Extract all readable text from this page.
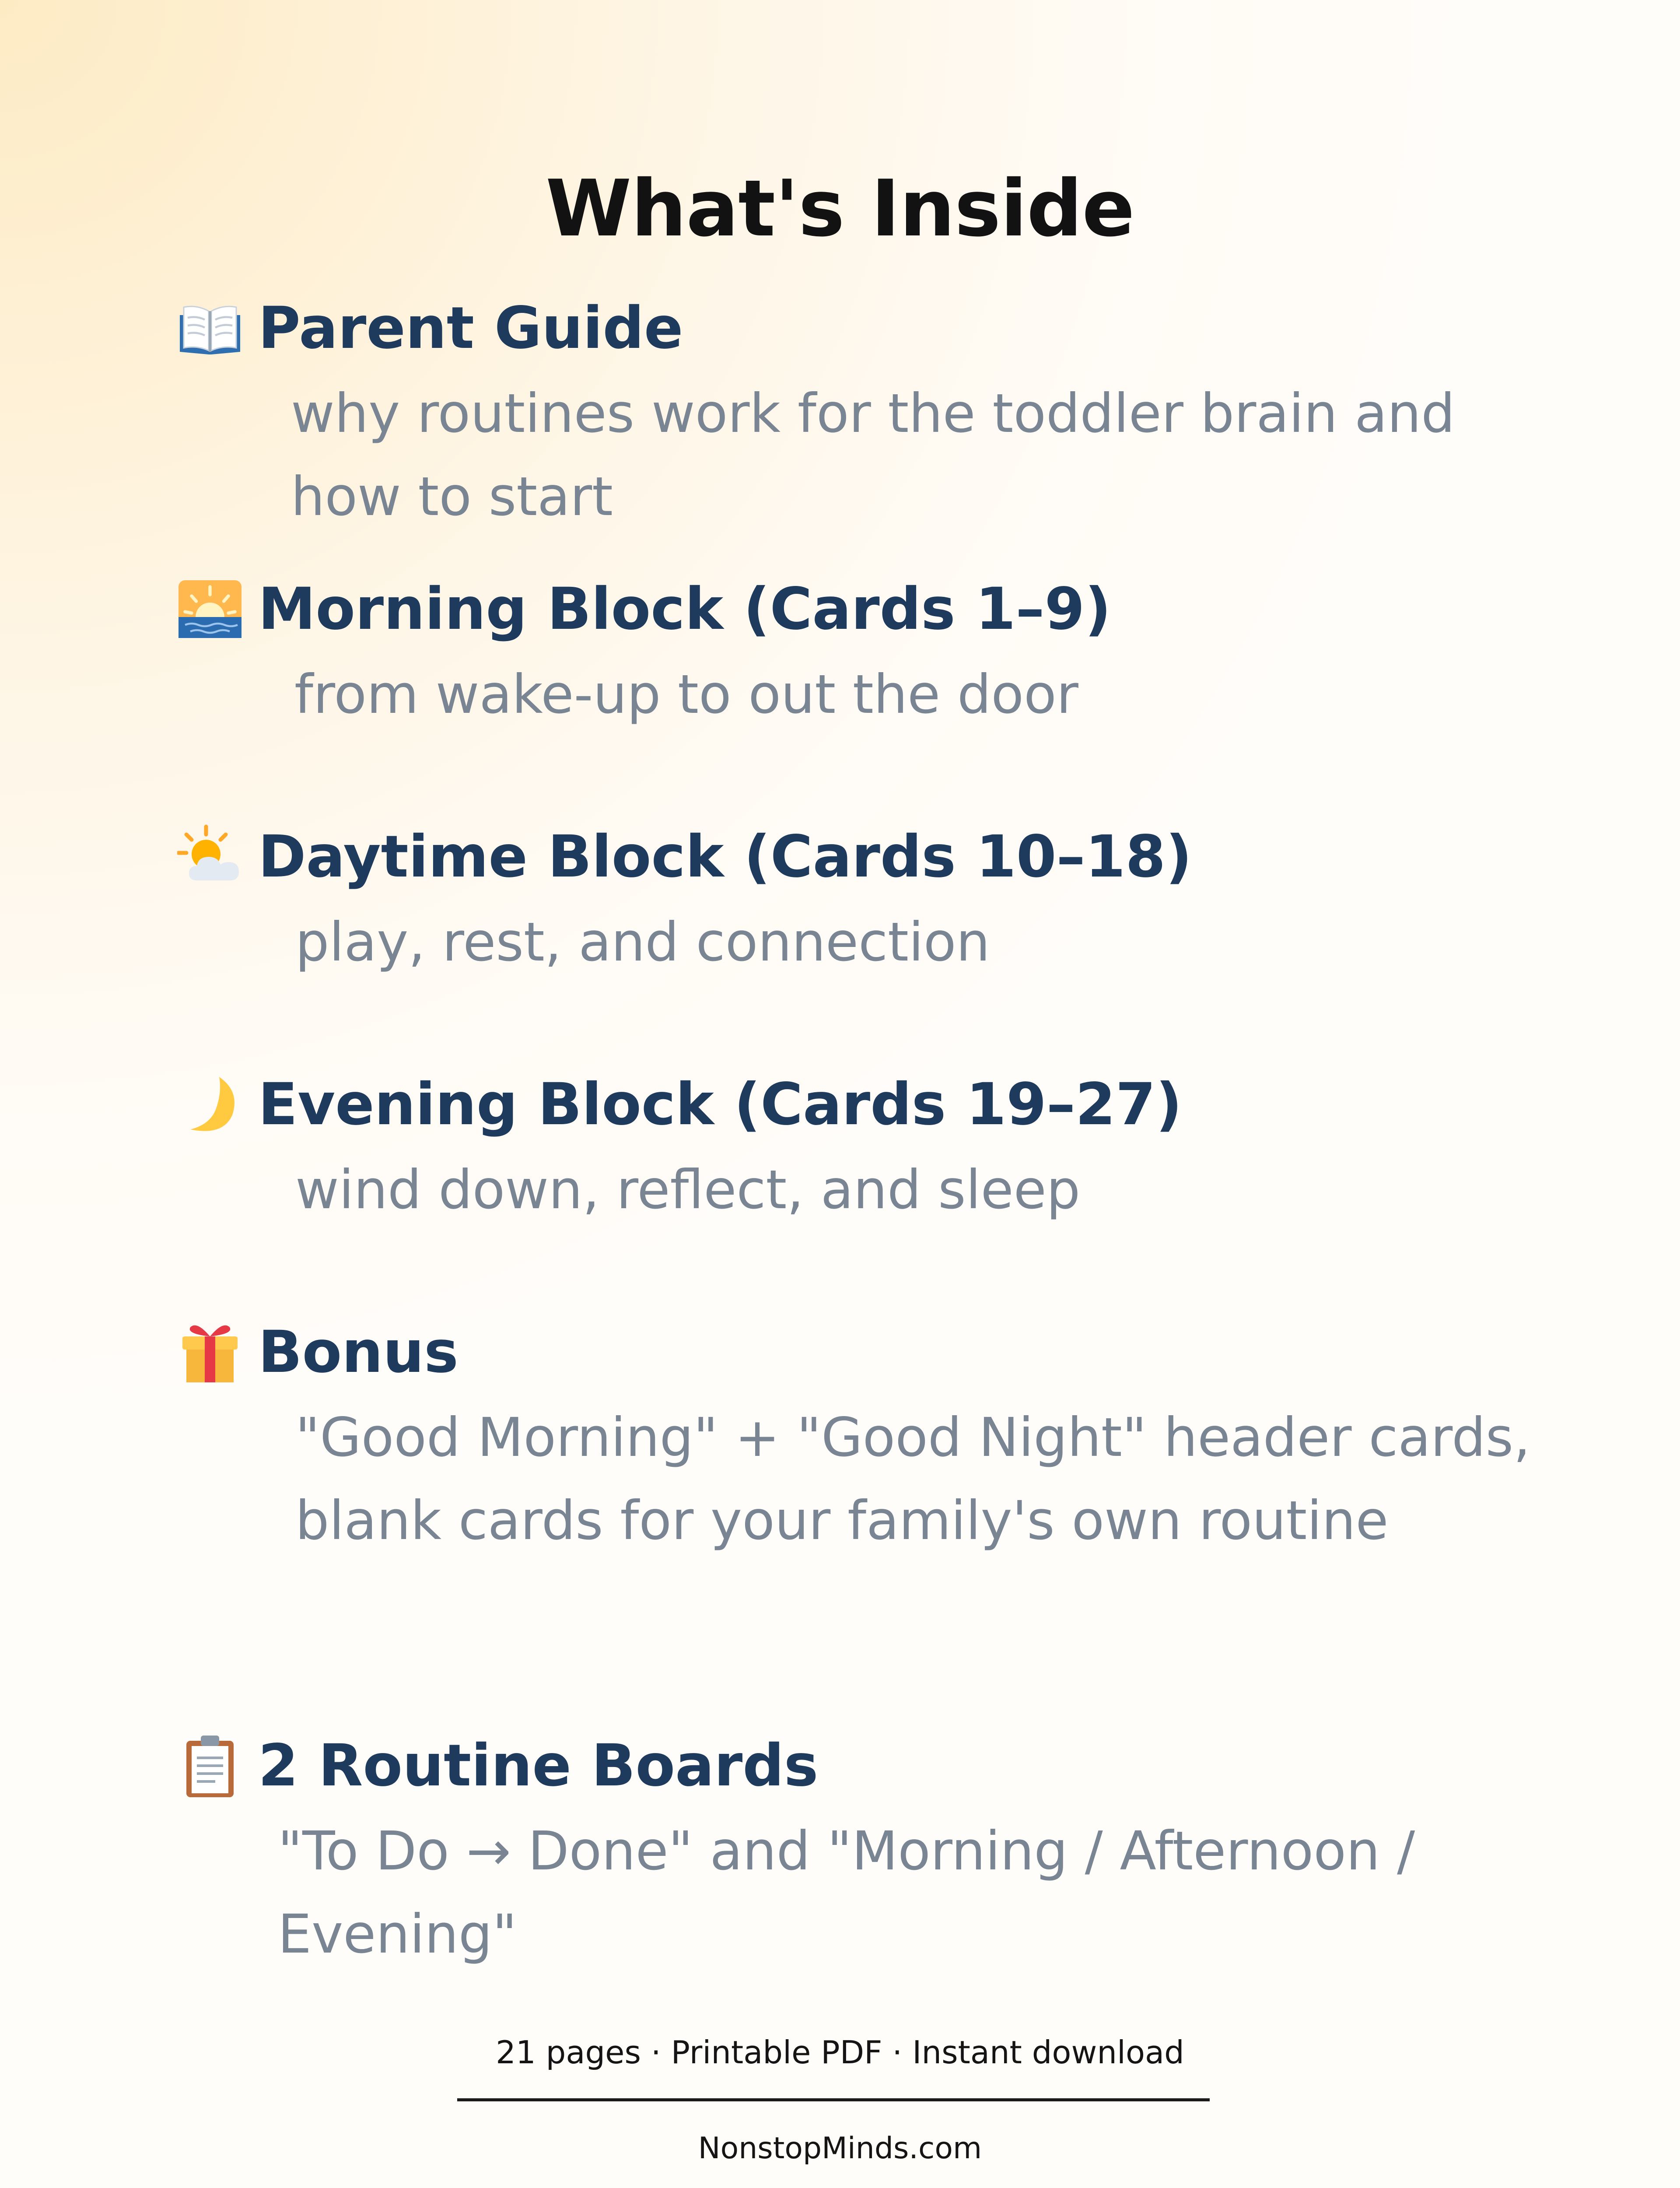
What's Inside
Parent Guide
why routines work for the toddler brain and how to start
Morning Block (Cards 1–9)
from wake-up to out the door
Daytime Block (Cards 10–18)
play, rest, and connection
Evening Block (Cards 19–27)
wind down, reflect, and sleep
Bonus
"Good Morning" + "Good Night" header cards, blank cards for your family's own routine
2 Routine Boards
"To Do → Done" and "Morning / Afternoon / Evening"
21 pages · Printable PDF · Instant download
NonstopMinds.com
